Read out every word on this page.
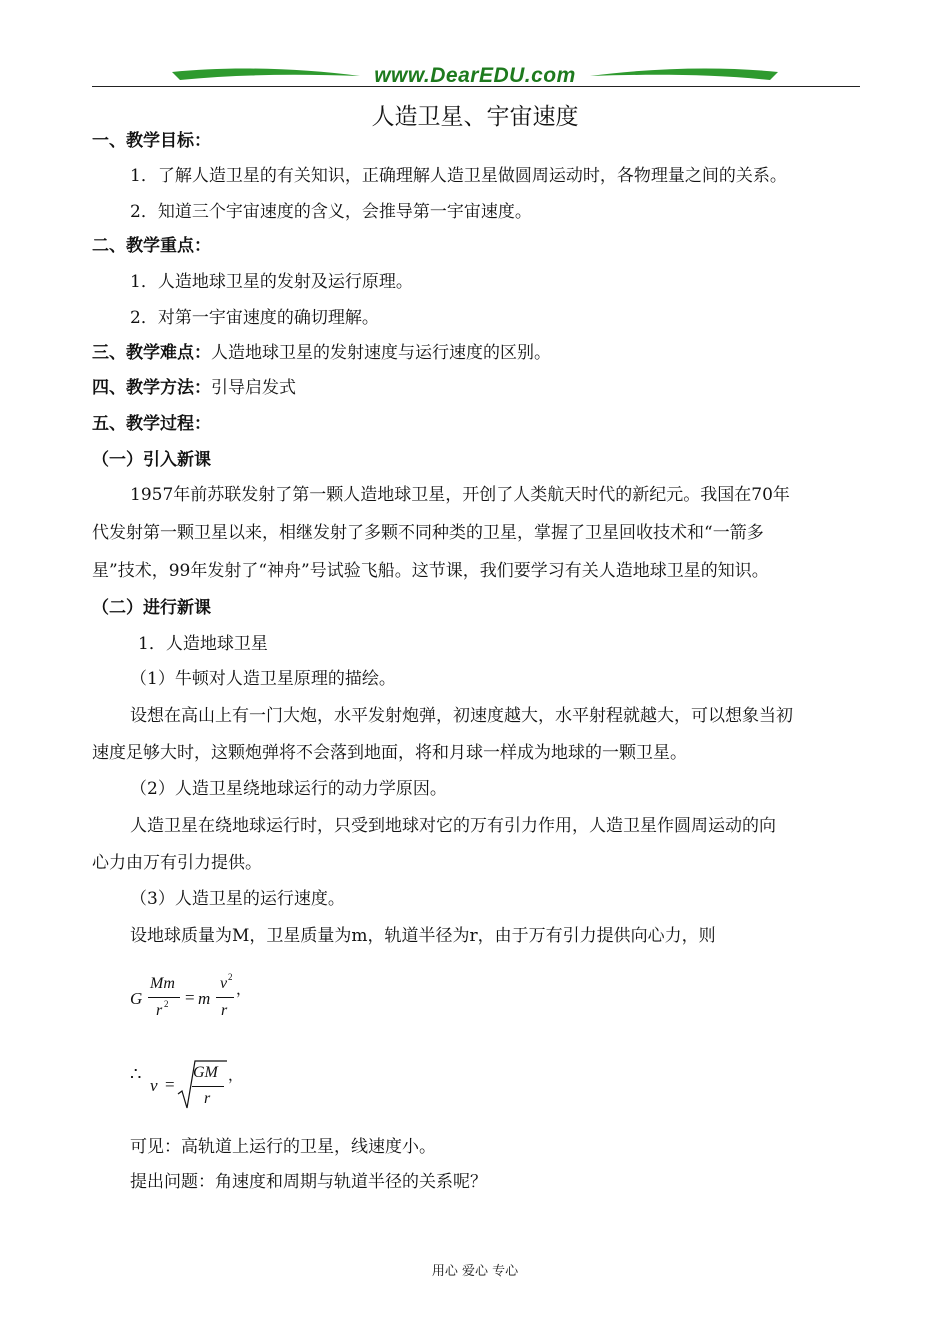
www.DearEDU.com
人造卫星、宇宙速度
一、教学目标：
1．了解人造卫星的有关知识，正确理解人造卫星做圆周运动时，各物理量之间的关系。
2．知道三个宇宙速度的含义，会推导第一宇宙速度。
二、教学重点：
1．人造地球卫星的发射及运行原理。
2．对第一宇宙速度的确切理解。
三、教学难点：人造地球卫星的发射速度与运行速度的区别。
四、教学方法：引导启发式
五、教学过程：
（一）引入新课
1957年前苏联发射了第一颗人造地球卫星，开创了人类航天时代的新纪元。我国在70年
代发射第一颗卫星以来，相继发射了多颗不同种类的卫星，掌握了卫星回收技术和“一箭多
星”技术，99年发射了“神舟”号试验飞船。这节课，我们要学习有关人造地球卫星的知识。
（二）进行新课
1．人造地球卫星
（1）牛顿对人造卫星原理的描绘。
设想在高山上有一门大炮，水平发射炮弹，初速度越大，水平射程就越大，可以想象当初
速度足够大时，这颗炮弹将不会落到地面，将和月球一样成为地球的一颗卫星。
（2）人造卫星绕地球运行的动力学原因。
人造卫星在绕地球运行时，只受到地球对它的万有引力作用，人造卫星作圆周运动的向
心力由万有引力提供。
（3）人造卫星的运行速度。
设地球质量为M，卫星质量为m，轨道半径为r，由于万有引力提供向心力，则
G
Mm
r 2 = m
v 2
r
，
∴
v =
GM
r
，
可见：高轨道上运行的卫星，线速度小。
提出问题：角速度和周期与轨道半径的关系呢？
用心 爱心 专心
